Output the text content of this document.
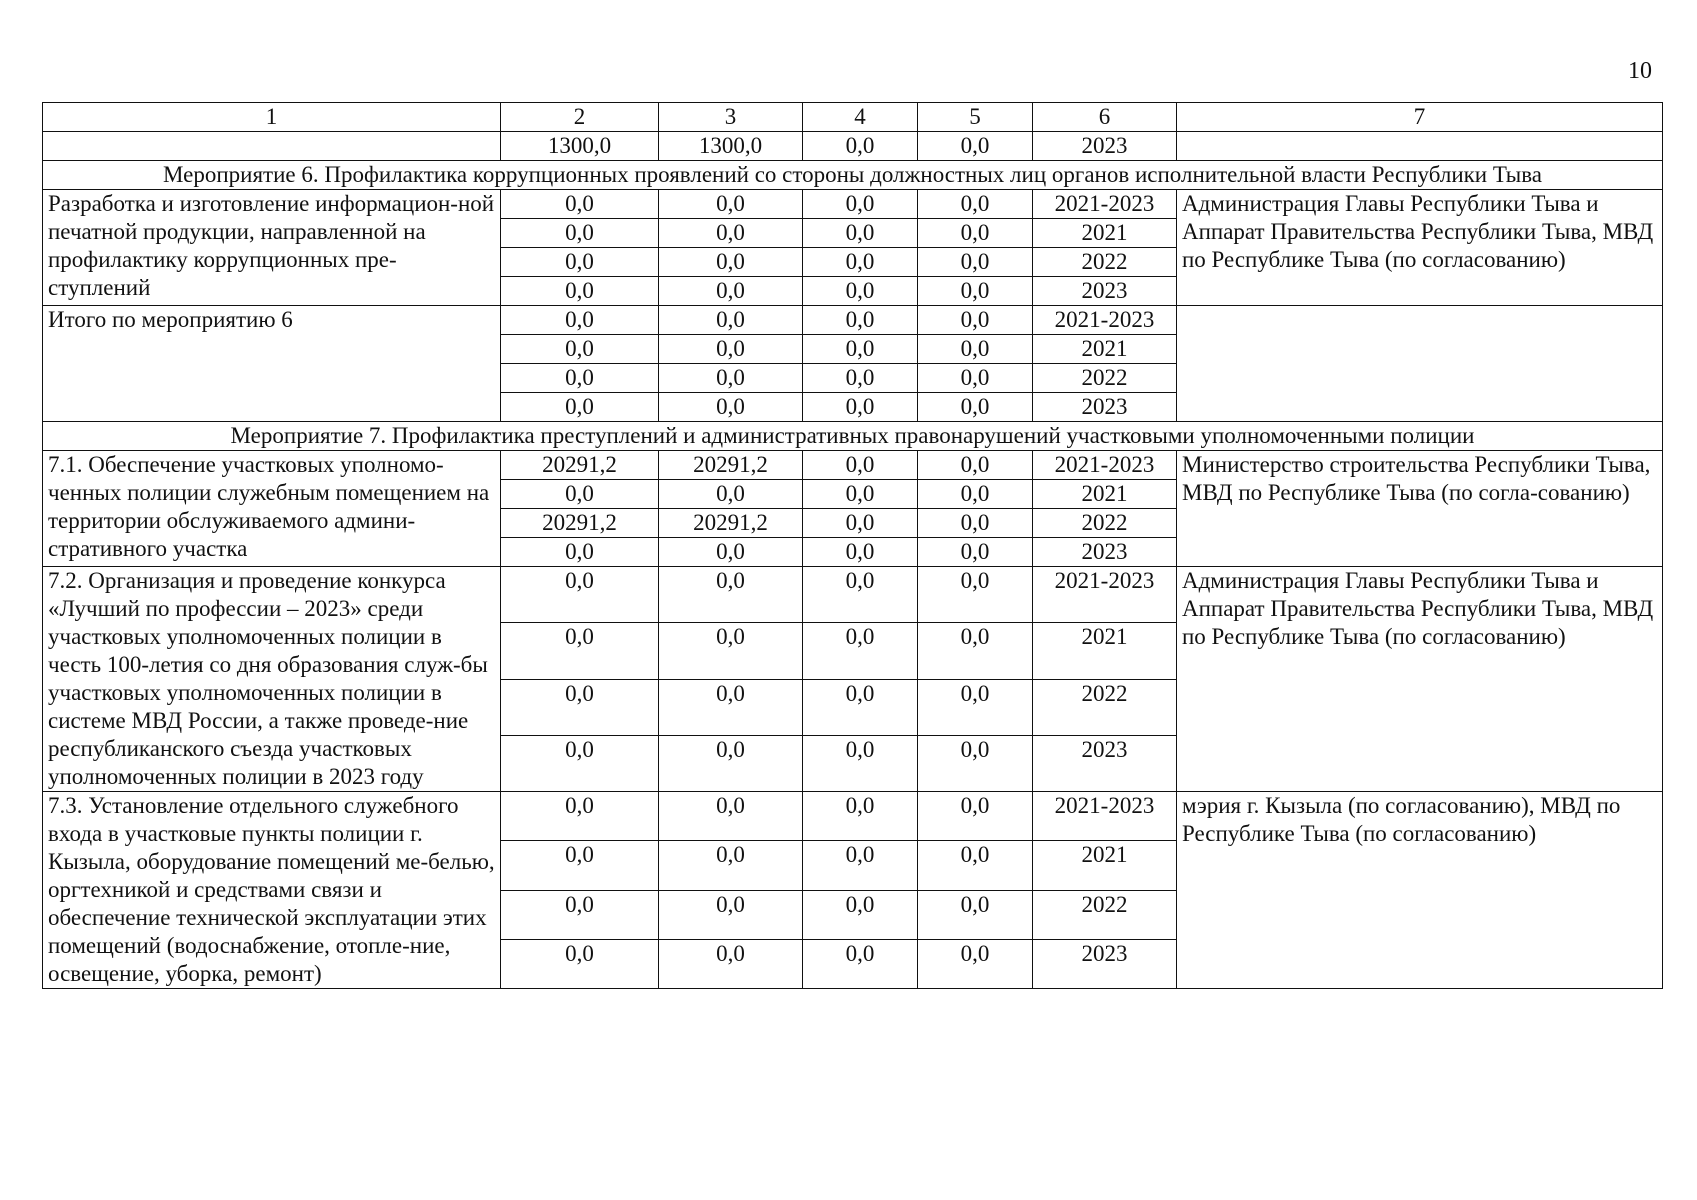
10
1	2	3	4	5	6	7
	1300,0	1300,0	0,0	0,0	2023	
Мероприятие 6. Профилактика коррупционных проявлений со стороны должностных лиц органов исполнительной власти Республики Тыва						
Разработка и изготовление информацион-ной печатной продукции, направленной на профилактику коррупционных пре-ступлений	0,0	0,0	0,0	0,0	2021-2023	Администрация Главы Республики Тыва и Аппарат Правительства Республики Тыва, МВД по Республике Тыва (по согласованию)
	0,0	0,0	0,0	0,0	2021	
	0,0	0,0	0,0	0,0	2022	
	0,0	0,0	0,0	0,0	2023	
Итого по мероприятию 6	0,0	0,0	0,0	0,0	2021-2023	
	0,0	0,0	0,0	0,0	2021	
	0,0	0,0	0,0	0,0	2022	
	0,0	0,0	0,0	0,0	2023	
Мероприятие 7. Профилактика преступлений и административных правонарушений участковыми уполномоченными полиции						
7.1. Обеспечение участковых уполномо-ченных полиции служебным помещением на территории обслуживаемого админи-стративного участка	20291,2	20291,2	0,0	0,0	2021-2023	Министерство строительства Республики Тыва, МВД по Республике Тыва (по согла-сованию)
	0,0	0,0	0,0	0,0	2021	
	20291,2	20291,2	0,0	0,0	2022	
	0,0	0,0	0,0	0,0	2023	
7.2. Организация и проведение конкурса «Лучший по профессии – 2023» среди участковых уполномоченных полиции в честь 100-летия со дня образования служ-бы участковых уполномоченных полиции в системе МВД России, а также проведе-ние республиканского съезда участковых уполномоченных полиции в 2023 году	0,0	0,0	0,0	0,0	2021-2023	Администрация Главы Республики Тыва и Аппарат Правительства Республики Тыва, МВД по Республике Тыва (по согласованию)
	0,0	0,0	0,0	0,0	2021	
	0,0	0,0	0,0	0,0	2022	
	0,0	0,0	0,0	0,0	2023	
7.3. Установление отдельного служебного входа в участковые пункты полиции г. Кызыла, оборудование помещений ме-белью, оргтехникой и средствами связи и обеспечение технической эксплуатации этих помещений (водоснабжение, отопле-ние, освещение, уборка, ремонт)	0,0	0,0	0,0	0,0	2021-2023	мэрия г. Кызыла (по согласованию), МВД по Республике Тыва (по согласованию)
	0,0	0,0	0,0	0,0	2021	
	0,0	0,0	0,0	0,0	2022	
	0,0	0,0	0,0	0,0	2023	
